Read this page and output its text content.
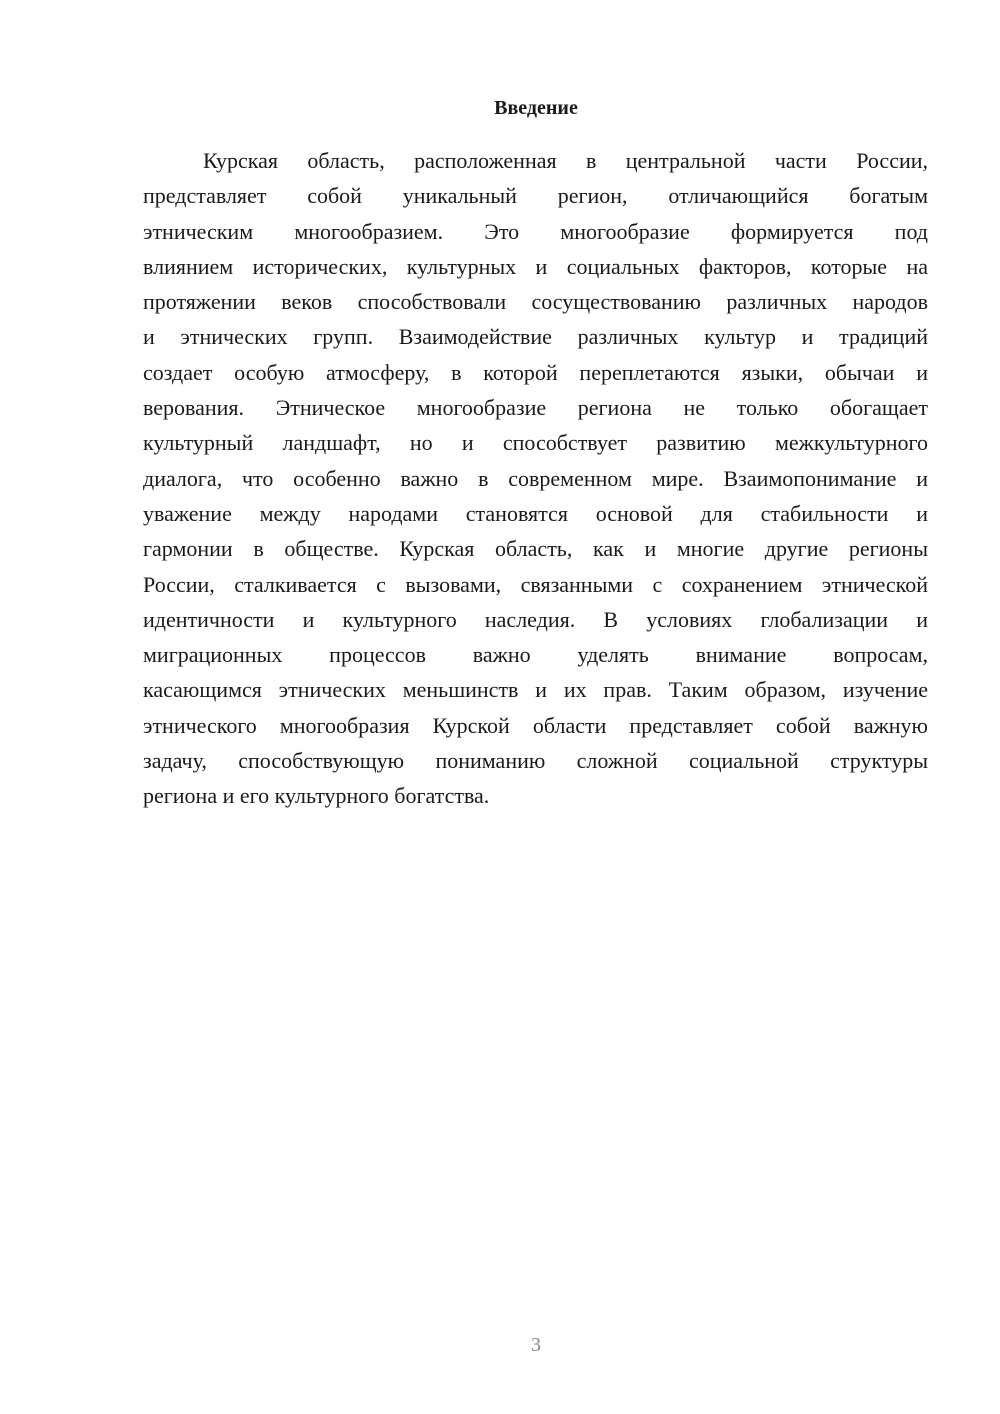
Введение
Курская область, расположенная в центральной части России,
представляет собой уникальный регион, отличающийся богатым
этническим многообразием. Это многообразие формируется под
влиянием исторических, культурных и социальных факторов, которые на
протяжении веков способствовали сосуществованию различных народов
и этнических групп. Взаимодействие различных культур и традиций
создает особую атмосферу, в которой переплетаются языки, обычаи и
верования. Этническое многообразие региона не только обогащает
культурный ландшафт, но и способствует развитию межкультурного
диалога, что особенно важно в современном мире. Взаимопонимание и
уважение между народами становятся основой для стабильности и
гармонии в обществе. Курская область, как и многие другие регионы
России, сталкивается с вызовами, связанными с сохранением этнической
идентичности и культурного наследия. В условиях глобализации и
миграционных процессов важно уделять внимание вопросам,
касающимся этнических меньшинств и их прав. Таким образом, изучение
этнического многообразия Курской области представляет собой важную
задачу, способствующую пониманию сложной социальной структуры
региона и его культурного богатства.
3
